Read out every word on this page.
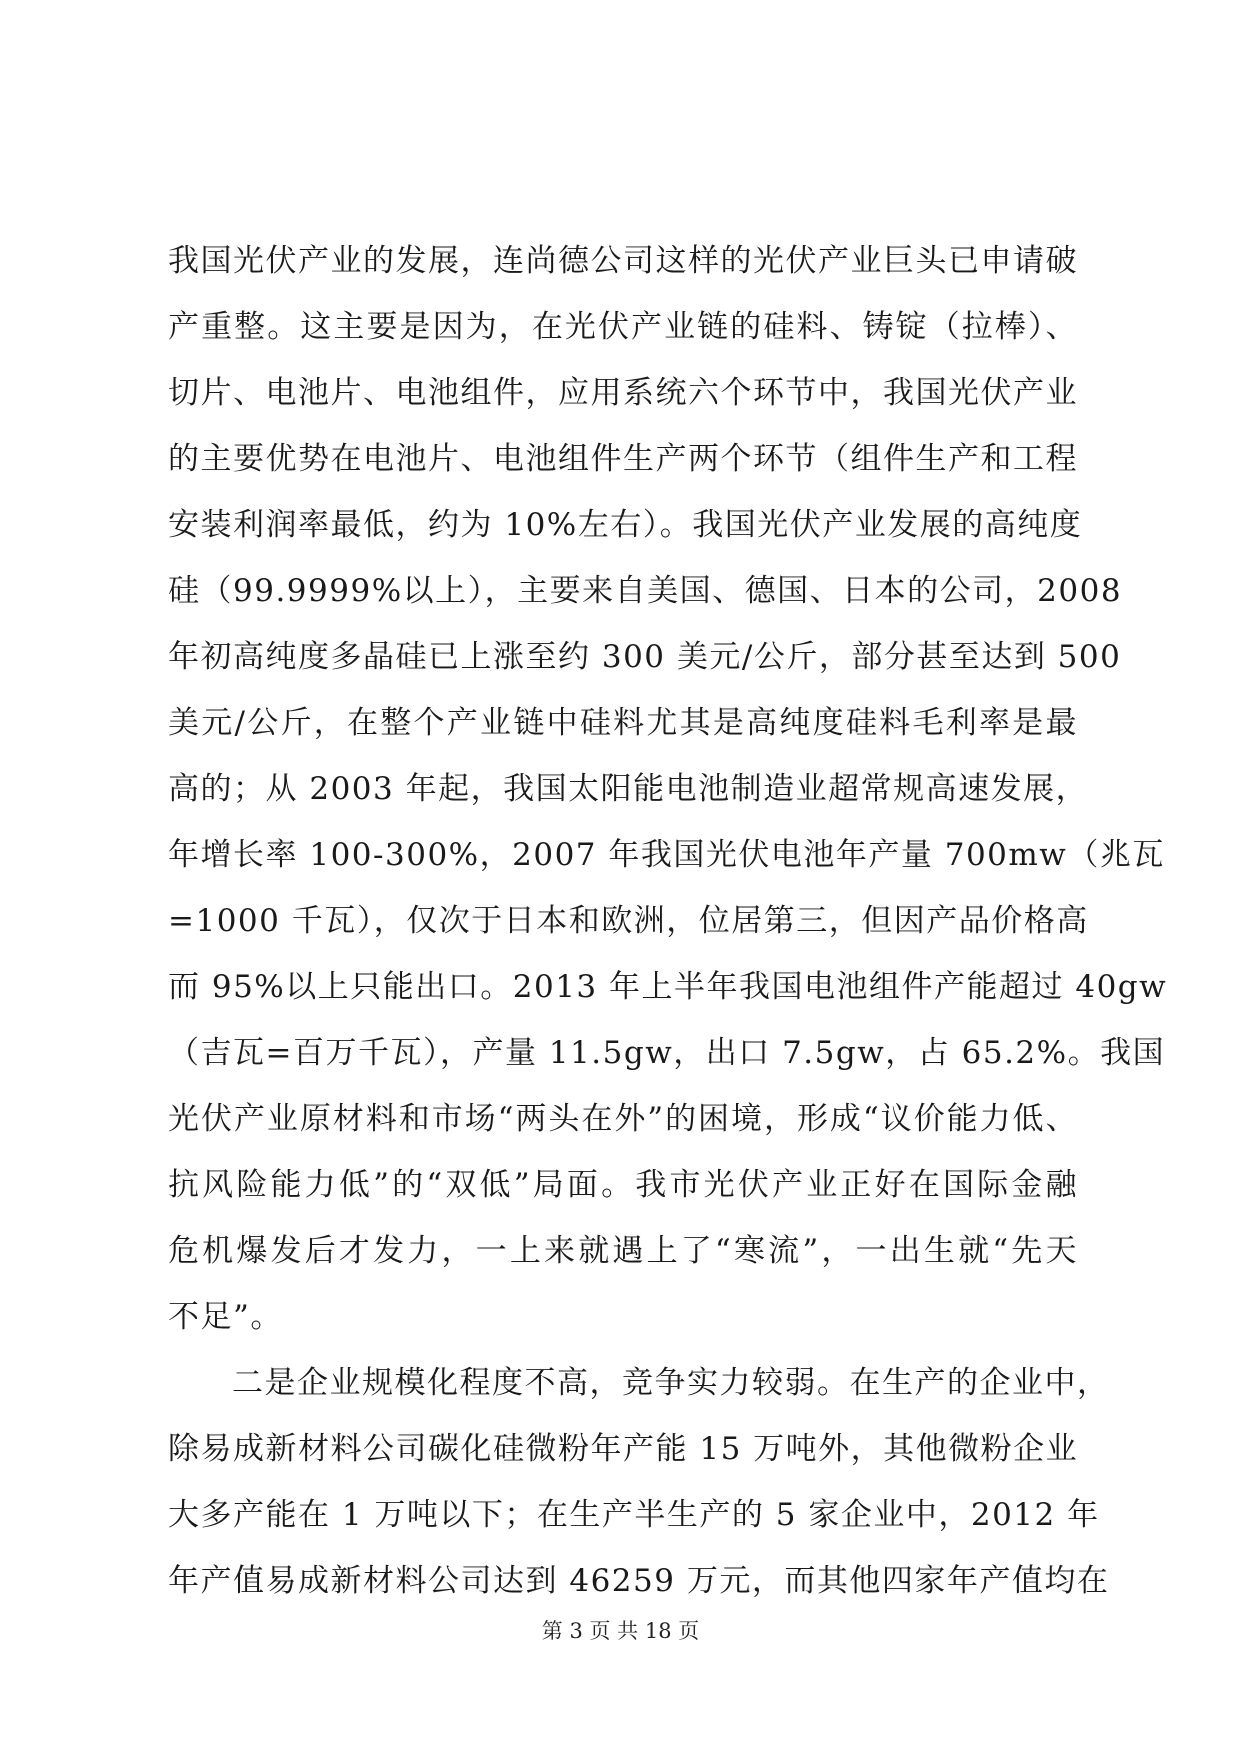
我国光伏产业的发展，连尚德公司这样的光伏产业巨头已申请破
产重整。这主要是因为，在光伏产业链的硅料、铸锭（拉棒）、
切片、电池片、电池组件，应用系统六个环节中，我国光伏产业
的主要优势在电池片、电池组件生产两个环节（组件生产和工程
安装利润率最低，约为 10%左右）。我国光伏产业发展的高纯度
硅（99.9999%以上），主要来自美国、德国、日本的公司，2008
年初高纯度多晶硅已上涨至约 300 美元/公斤，部分甚至达到 500
美元/公斤，在整个产业链中硅料尤其是高纯度硅料毛利率是最
高的；从 2003 年起，我国太阳能电池制造业超常规高速发展，
年增长率 100-300%，2007 年我国光伏电池年产量 700mw（兆瓦
=1000 千瓦），仅次于日本和欧洲，位居第三，但因产品价格高
而 95%以上只能出口。2013 年上半年我国电池组件产能超过 40gw
（吉瓦=百万千瓦），产量 11.5gw，出口 7.5gw，占 65.2%。我国
光伏产业原材料和市场“两头在外”的困境，形成“议价能力低、
抗风险能力低”的“双低”局面。我市光伏产业正好在国际金融
危机爆发后才发力，一上来就遇上了“寒流”，一出生就“先天
不足”。
二是企业规模化程度不高，竞争实力较弱。在生产的企业中，
除易成新材料公司碳化硅微粉年产能 15 万吨外，其他微粉企业
大多产能在 1 万吨以下；在生产半生产的 5 家企业中，2012 年
年产值易成新材料公司达到 46259 万元，而其他四家年产值均在
第 3 页 共 18 页
